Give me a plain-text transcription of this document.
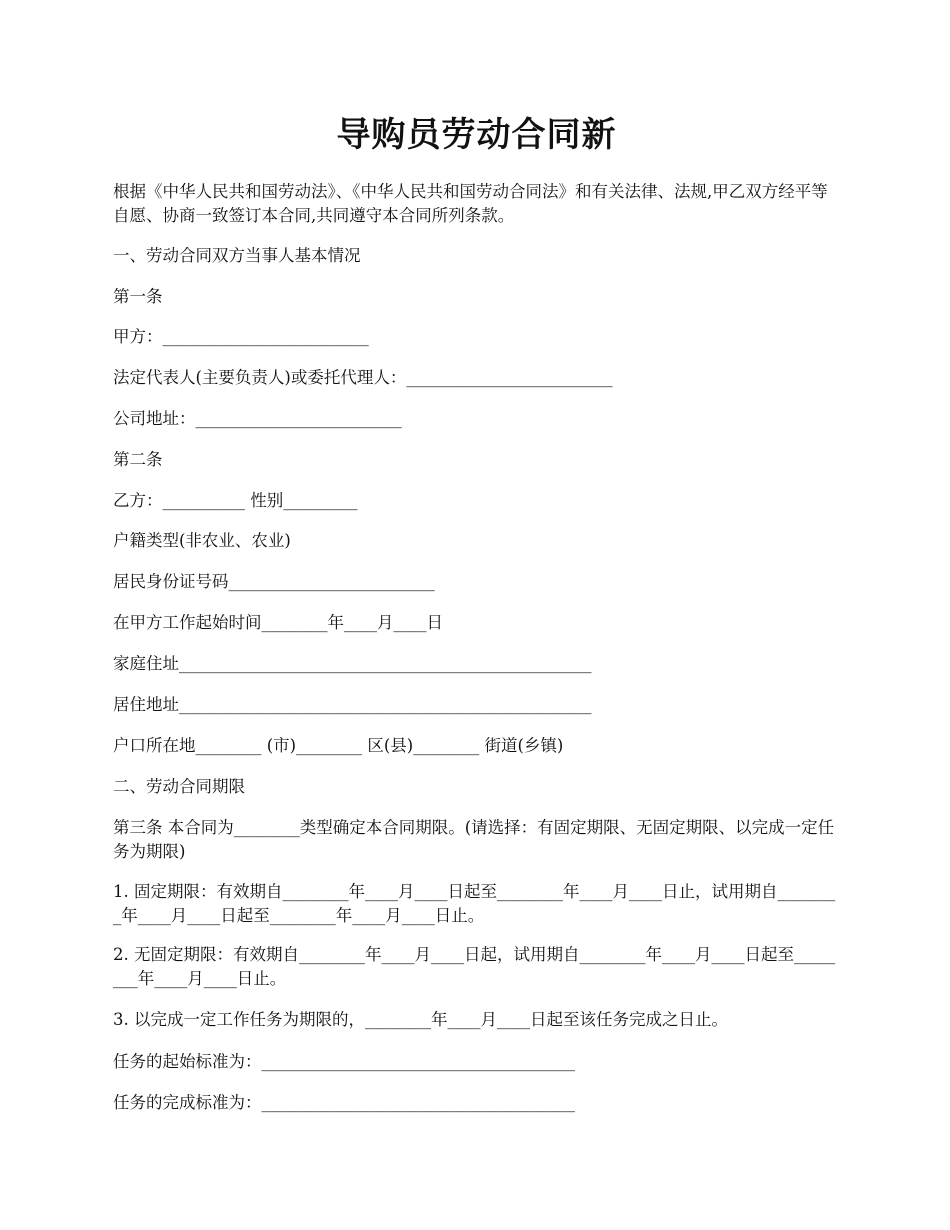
导购员劳动合同新

根据《中华人民共和国劳动法》、《中华人民共和国劳动合同法》和有关法律、法规,甲乙双方经平等自愿、协商一致签订本合同,共同遵守本合同所列条款。

一、劳动合同双方当事人基本情况

第一条

甲方：_________________________

法定代表人(主要负责人)或委托代理人：_________________________

公司地址：_________________________

第二条

乙方：__________ 性别_________

户籍类型(非农业、农业)

居民身份证号码_________________________

在甲方工作起始时间________年____月____日

家庭住址__________________________________________________

居住地址__________________________________________________

户口所在地________ (市)________ 区(县)________ 街道(乡镇)

二、劳动合同期限

第三条 本合同为________类型确定本合同期限。(请选择：有固定期限、无固定期限、以完成一定任务为期限)

1. 固定期限：有效期自________年____月____日起至________年____月____日止，试用期自________年____月____日起至________年____月____日止。

2. 无固定期限：有效期自________年____月____日起，试用期自________年____月____日起至________年____月____日止。

3. 以完成一定工作任务为期限的，________年____月____日起至该任务完成之日止。

任务的起始标准为：______________________________________

任务的完成标准为：______________________________________
